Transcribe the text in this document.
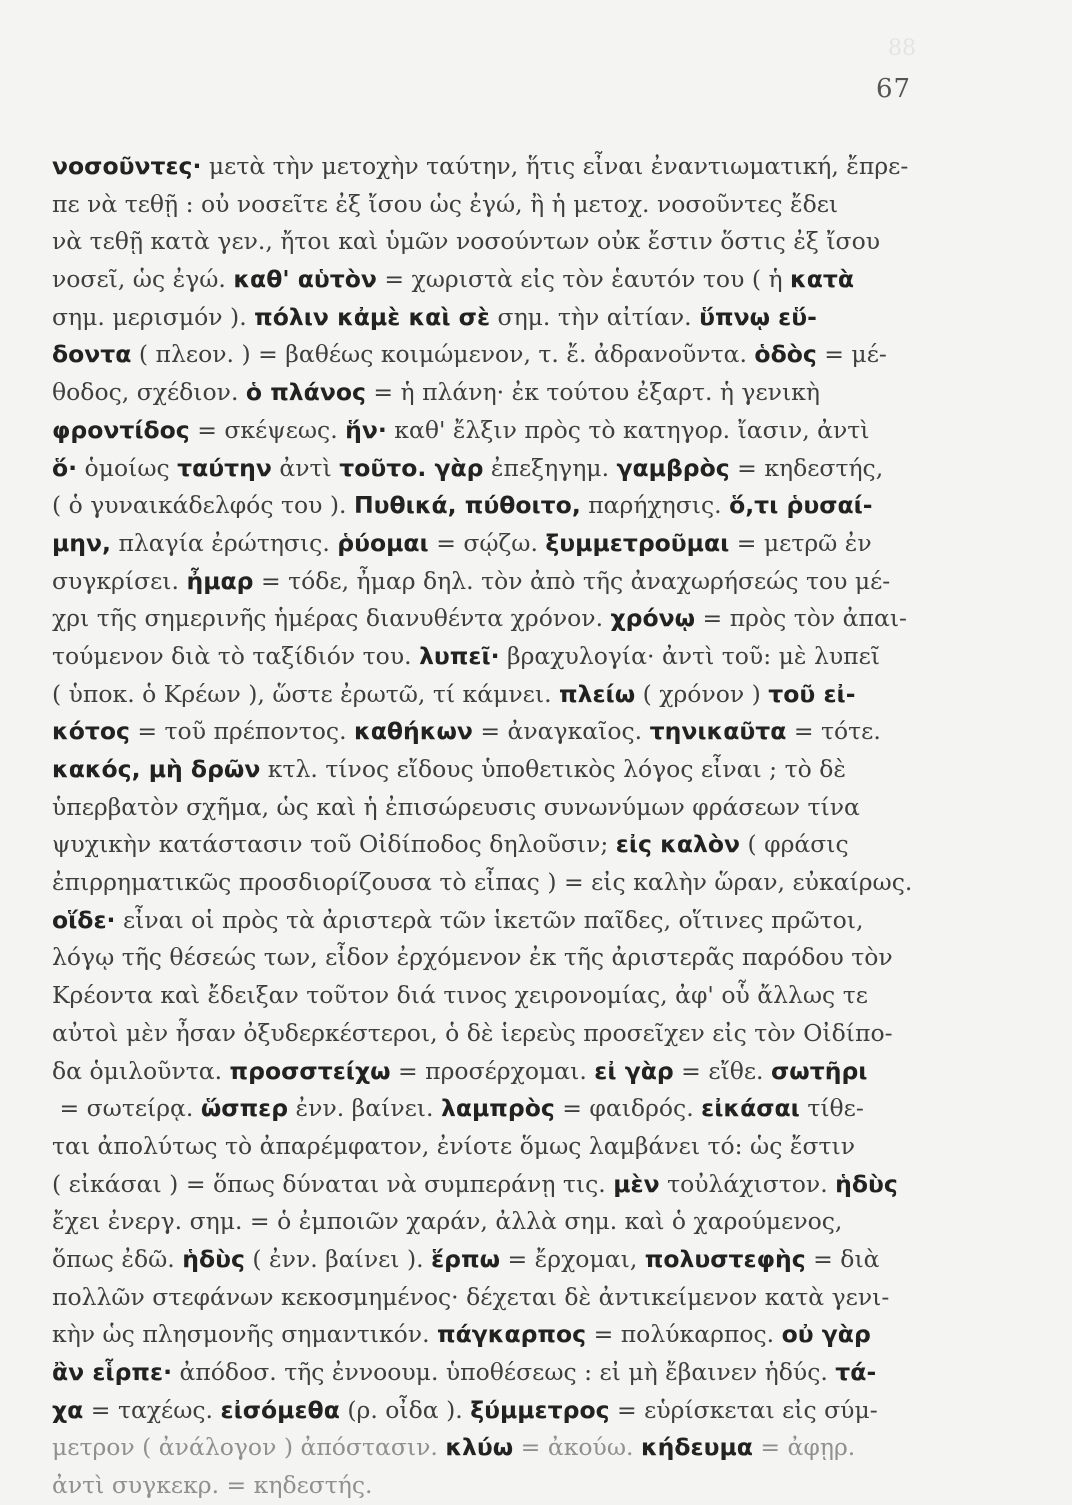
88
67
νοσοῦντες· μετὰ τὴν μετοχὴν ταύτην, ἥτις εἶναι ἐναντιωματική, ἔπρε-
πε νὰ τεθῇ : οὐ νοσεῖτε ἐξ ἴσου ὡς ἐγώ, ἢ ἡ μετοχ. νοσοῦντες ἔδει
νὰ τεθῇ κατὰ γεν., ἤτοι καὶ ὑμῶν νοσούντων οὐκ ἔστιν ὅστις ἐξ ἴσου
νοσεῖ, ὡς ἐγώ. καθ' αὑτὸν = χωριστὰ εἰς τὸν ἑαυτόν του ( ἡ κατὰ
σημ. μερισμόν ). πόλιν κἀμὲ καὶ σὲ σημ. τὴν αἰτίαν. ὕπνῳ εὕ-
δοντα ( πλεον. ) = βαθέως κοιμώμενον, τ. ἔ. ἀδρανοῦντα. ὁδὸς = μέ-
θοδος, σχέδιον. ὁ πλάνος = ἡ πλάνη· ἐκ τούτου ἐξαρτ. ἡ γενικὴ
φροντίδος = σκέψεως. ἥν· καθ' ἔλξιν πρὸς τὸ κατηγορ. ἴασιν, ἀντὶ
ὅ· ὁμοίως ταύτην ἀντὶ τοῦτο. γὰρ ἐπεξηγημ. γαμβρὸς = κηδεστής,
( ὁ γυναικάδελφός του ). Πυθικά, πύθοιτο, παρήχησις. ὅ,τι ῥυσαί-
μην, πλαγία ἐρώτησις. ῥύομαι = σῴζω. ξυμμετροῦμαι = μετρῶ ἐν
συγκρίσει. ἦμαρ = τόδε, ἦμαρ δηλ. τὸν ἀπὸ τῆς ἀναχωρήσεώς του μέ-
χρι τῆς σημερινῆς ἡμέρας διανυθέντα χρόνον. χρόνῳ = πρὸς τὸν ἀπαι-
τούμενον διὰ τὸ ταξίδιόν του. λυπεῖ· βραχυλογία· ἀντὶ τοῦ: μὲ λυπεῖ
( ὑποκ. ὁ Κρέων ), ὥστε ἐρωτῶ, τί κάμνει. πλείω ( χρόνον ) τοῦ εἰ-
κότος = τοῦ πρέποντος. καθήκων = ἀναγκαῖος. τηνικαῦτα = τότε.
κακός, μὴ δρῶν κτλ. τίνος εἴδους ὑποθετικὸς λόγος εἶναι ; τὸ δὲ
ὑπερβατὸν σχῆμα, ὡς καὶ ἡ ἐπισώρευσις συνωνύμων φράσεων τίνα
ψυχικὴν κατάστασιν τοῦ Οἰδίποδος δηλοῦσιν; εἰς καλὸν ( φράσις
ἐπιρρηματικῶς προσδιορίζουσα τὸ εἶπας ) = εἰς καλὴν ὥραν, εὐκαίρως.
οἵδε· εἶναι οἱ πρὸς τὰ ἀριστερὰ τῶν ἱκετῶν παῖδες, οἵτινες πρῶτοι,
λόγῳ τῆς θέσεώς των, εἶδον ἐρχόμενον ἐκ τῆς ἀριστερᾶς παρόδου τὸν
Κρέοντα καὶ ἔδειξαν τοῦτον διά τινος χειρονομίας, ἀφ' οὗ ἄλλως τε
αὐτοὶ μὲν ἦσαν ὀξυδερκέστεροι, ὁ δὲ ἱερεὺς προσεῖχεν εἰς τὸν Οἰδίπο-
δα ὁμιλοῦντα. προσστείχω = προσέρχομαι. εἰ γὰρ = εἴθε. σωτῆρι
= σωτείρᾳ. ὥσπερ ἐνν. βαίνει. λαμπρὸς = φαιδρός. εἰκάσαι τίθε-
ται ἀπολύτως τὸ ἀπαρέμφατον, ἐνίοτε ὅμως λαμβάνει τό: ὡς ἔστιν
( εἰκάσαι ) = ὅπως δύναται νὰ συμπεράνῃ τις. μὲν τοὐλάχιστον. ἡδὺς
ἔχει ἐνεργ. σημ. = ὁ ἐμποιῶν χαράν, ἀλλὰ σημ. καὶ ὁ χαρούμενος,
ὅπως ἐδῶ. ἡδὺς ( ἐνν. βαίνει ). ἕρπω = ἔρχομαι, πολυστεφὴς = διὰ
πολλῶν στεφάνων κεκοσμημένος· δέχεται δὲ ἀντικείμενον κατὰ γενι-
κὴν ὡς πλησμονῆς σημαντικόν. πάγκαρπος = πολύκαρπος. οὐ γὰρ
ἂν εἷρπε· ἀπόδοσ. τῆς ἐννοουμ. ὑποθέσεως : εἰ μὴ ἔβαινεν ἡδύς. τά-
χα = ταχέως. εἰσόμεθα (ρ. οἶδα ). ξύμμετρος = εὑρίσκεται εἰς σύμ-
μετρον ( ἀνάλογον ) ἀπόστασιν. κλύω = ἀκούω. κήδευμα = ἀφῃρ.
ἀντὶ συγκεκρ. = κηδεστής.
